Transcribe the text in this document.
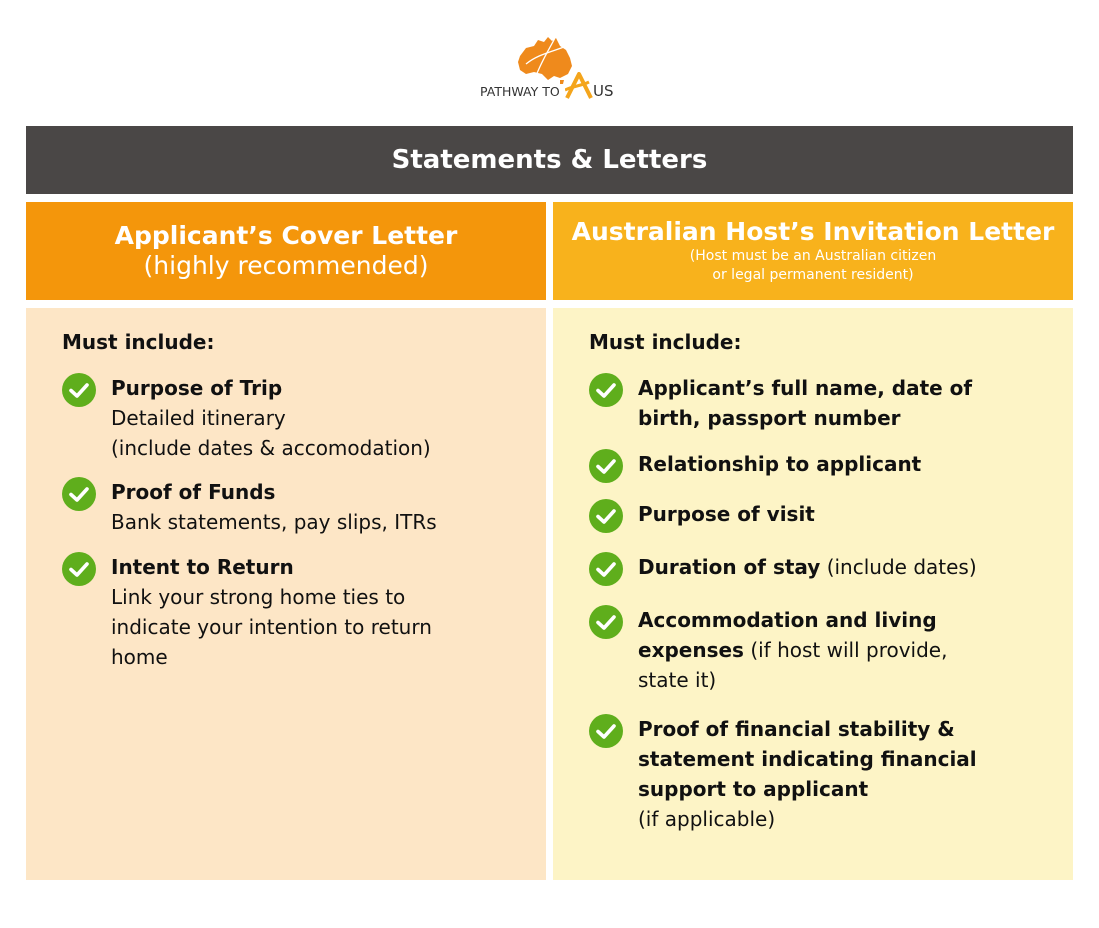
PATHWAY TO US
Statements & Letters
Applicant’s Cover Letter
(highly recommended)
Australian Host’s Invitation Letter
(Host must be an Australian citizen
or legal permanent resident)
Must include:
Purpose of Trip
Detailed itinerary
(include dates & accomodation)
Proof of Funds
Bank statements, pay slips, ITRs
Intent to Return
Link your strong home ties to
indicate your intention to return
home
Must include:
Applicant’s full name, date of
birth, passport number
Relationship to applicant
Purpose of visit
Duration of stay (include dates)
Accommodation and living
expenses (if host will provide,
state it)
Proof of financial stability &
statement indicating financial
support to applicant
(if applicable)
